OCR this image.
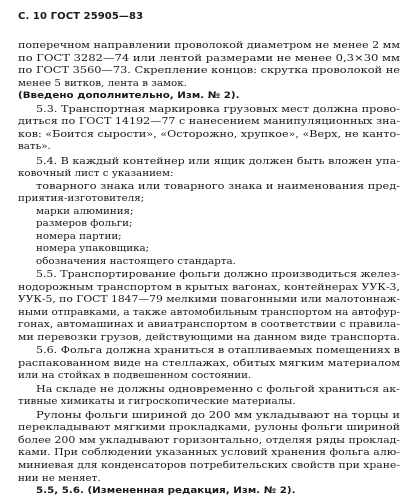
С. 10 ГОСТ 25905—83
поперечном направлении проволокой диаметром не менее 2 мм
по ГОСТ 3282—74 или лентой размерами не менее 0,3×30 мм
по ГОСТ 3560—73. Скрепление концов: скрутка проволокой не
менее 5 витков, лента в замок.
(Введено дополнительно, Изм. № 2).
5.3. Транспортная маркировка грузовых мест должна прово-
диться по ГОСТ 14192—77 с нанесением манипуляционных зна-
ков: «Боится сырости», «Осторожно, хрупкое», «Верх, не канто-
вать».
5.4. В каждый контейнер или ящик должен быть вложен упа-
ковочный лист с указанием:
товарного знака или товарного знака и наименования пред-
приятия-изготовителя;
марки алюминия;
размеров фольги;
номера партии;
номера упаковщика;
обозначения настоящего стандарта.
5.5. Транспортирование фольги должно производиться желез-
нодорожным транспортом в крытых вагонах, контейнерах УУК-3,
УУК-5, по ГОСТ 1847—79 мелкими повагонными или малотоннаж-
ными отправками, а также автомобильным транспортом на автофур-
гонах, автомашинах и авиатранспортом в соответствии с правила-
ми перевозки грузов, действующими на данном виде транспорта.
5.6. Фольга должна храниться в отапливаемых помещениях в
распакованном виде на стеллажах, обитых мягким материалом
или на стойках в подвешенном состоянии.
На складе не должны одновременно с фольгой храниться ак-
тивные химикаты и гигроскопические материалы.
Рулоны фольги шириной до 200 мм укладывают на торцы и
перекладывают мягкими прокладками, рулоны фольги шириной
более 200 мм укладывают горизонтально, отделяя ряды проклад-
ками. При соблюдении указанных условий хранения фольга алю-
миниевая для конденсаторов потребительских свойств при хране-
нии не меняет.
5.5, 5.6. (Измененная редакция, Изм. № 2).
